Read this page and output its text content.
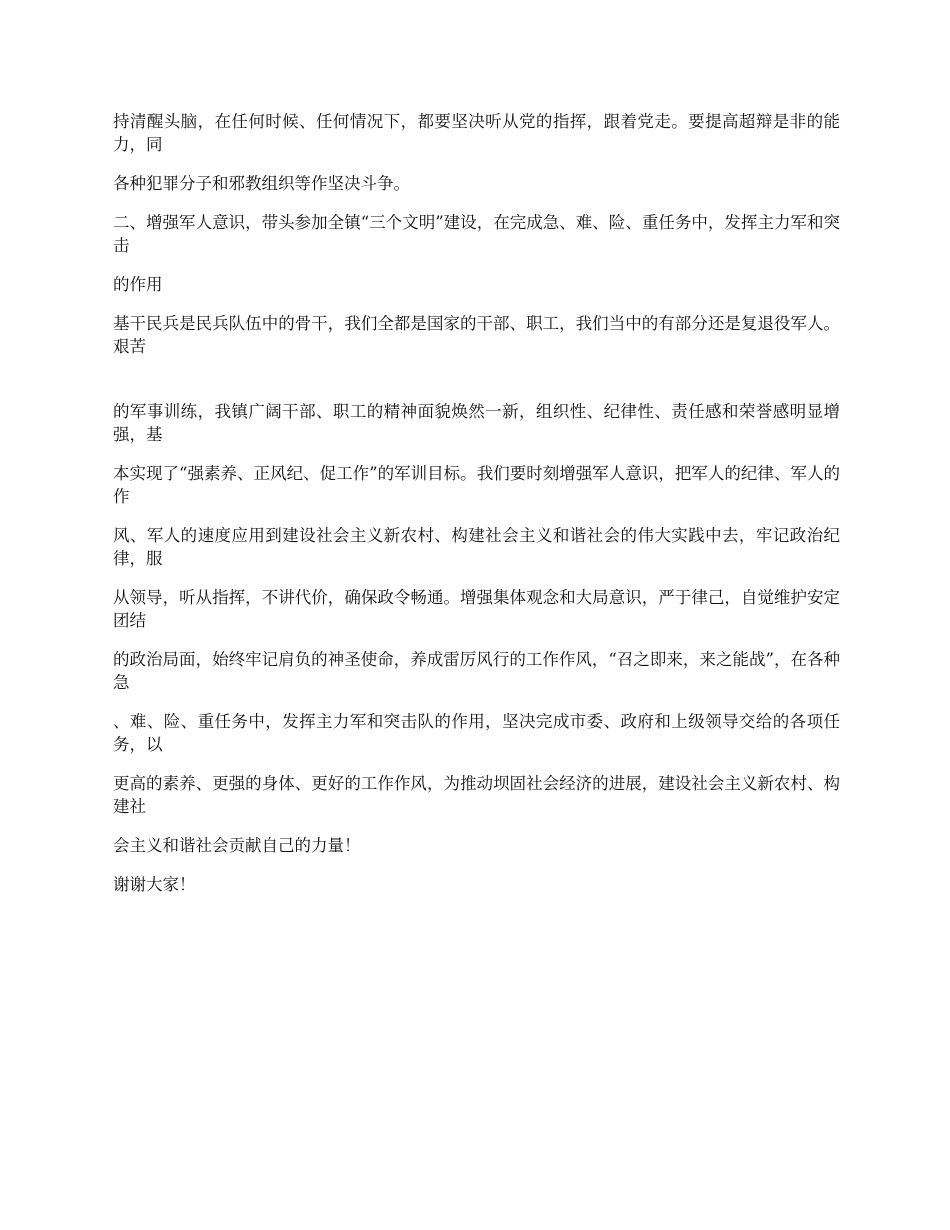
持清醒头脑，在任何时候、任何情况下，都要坚决听从党的指挥，跟着党走。要提高超辩是非的能力，同

各种犯罪分子和邪教组织等作坚决斗争。

二、增强军人意识，带头参加全镇“三个文明”建设，在完成急、难、险、重任务中，发挥主力军和突击

的作用

基干民兵是民兵队伍中的骨干，我们全都是国家的干部、职工，我们当中的有部分还是复退役军人。艰苦

的军事训练，我镇广阔干部、职工的精神面貌焕然一新，组织性、纪律性、责任感和荣誉感明显增强，基

本实现了“强素养、正风纪、促工作”的军训目标。我们要时刻增强军人意识，把军人的纪律、军人的作

风、军人的速度应用到建设社会主义新农村、构建社会主义和谐社会的伟大实践中去，牢记政治纪律，服

从领导，听从指挥，不讲代价，确保政令畅通。增强集体观念和大局意识，严于律己，自觉维护安定团结

的政治局面，始终牢记肩负的神圣使命，养成雷厉风行的工作作风，“召之即来，来之能战”，在各种急

、难、险、重任务中，发挥主力军和突击队的作用，坚决完成市委、政府和上级领导交给的各项任务，以

更高的素养、更强的身体、更好的工作作风，为推动坝固社会经济的进展，建设社会主义新农村、构建社

会主义和谐社会贡献自己的力量！

谢谢大家！
